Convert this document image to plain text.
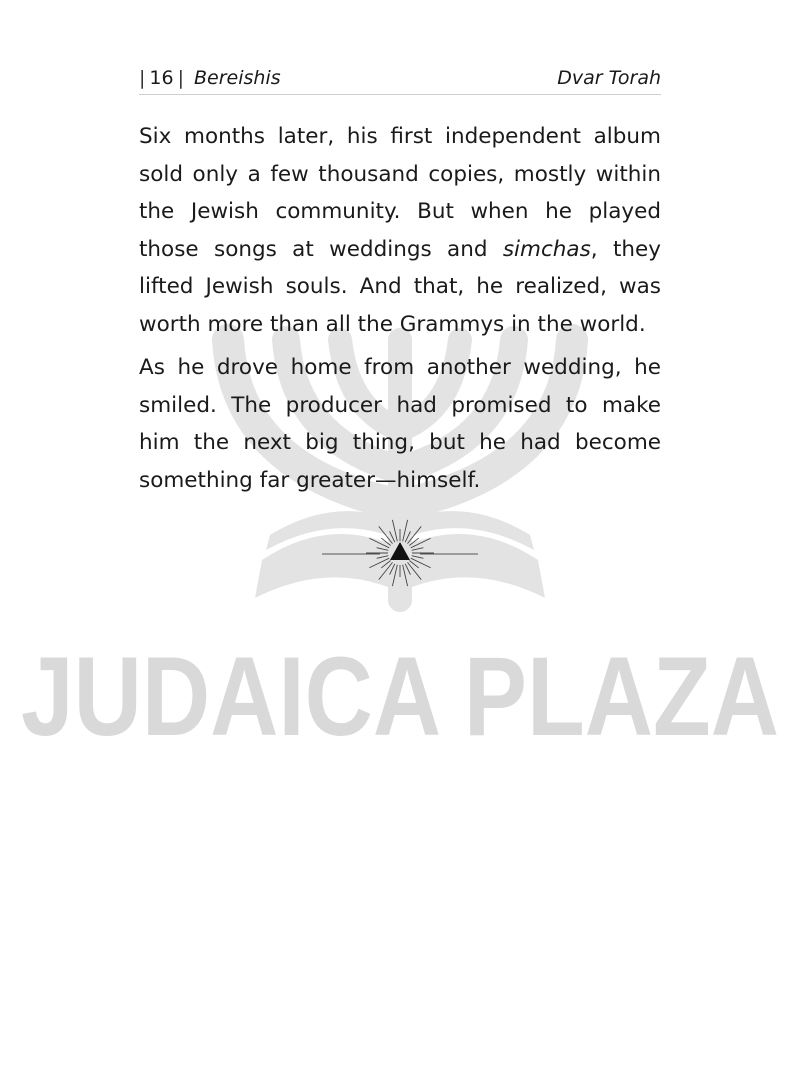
JUDAICA PLAZA
| 16 | Bereishis	Dvar Torah

Six months later, his first independent album sold only a few thousand copies, mostly within the Jewish community. But when he played those songs at weddings and simchas, they lifted Jewish souls. And that, he realized, was worth more than all the Grammys in the world.

As he drove home from another wedding, he smiled. The producer had promised to make him the next big thing, but he had become something far greater—himself.
